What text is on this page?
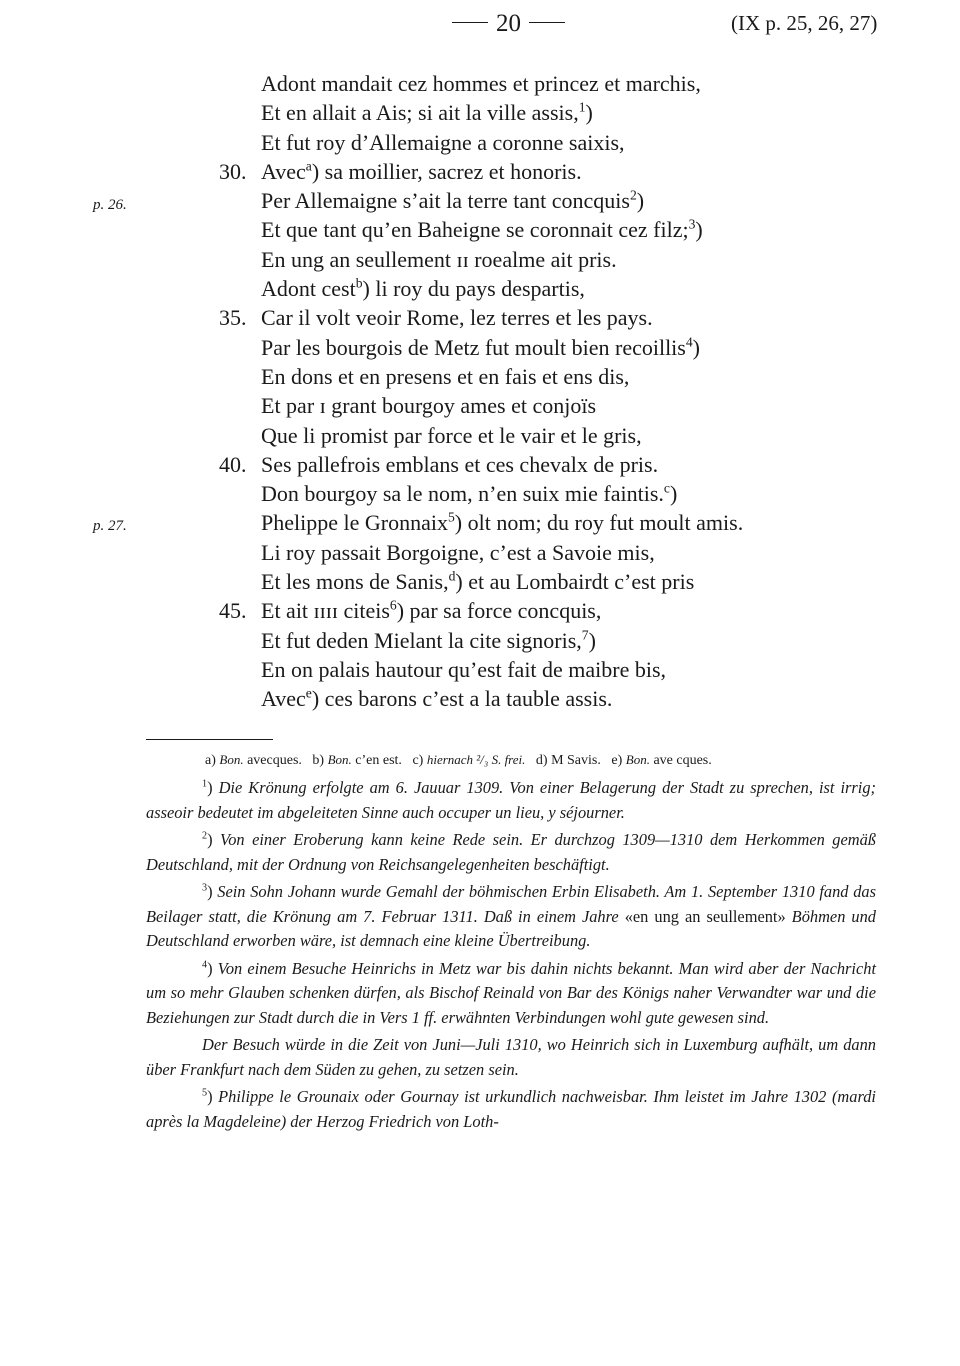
20	(IX p. 25, 26, 27)
p. 26.
p. 27.
Adont mandait cez hommes et princez et marchis,
Et en allait a Ais; si ait la ville assis,$^1$)
Et fut roy d’Allemaigne a coronne saixis,
30. Avec$^a$) sa moillier, sacrez et honoris.
Per Allemaigne s’ait la terre tant concquis$^2$)
Et que tant qu’en Baheigne se coronnait cez filz;$^3$)
En ung an seullement ɪɪ roealme ait pris.
Adont cest$^b$) li roy du pays despartis,
35. Car il volt veoir Rome, lez terres et les pays.
Par les bourgois de Metz fut moult bien recoillis$^4$)
En dons et en presens et en fais et ens dis,
Et par ɪ grant bourgoy ames et conjoïs
Que li promist par force et le vair et le gris,
40. Ses pallefrois emblans et ces chevalx de pris.
Don bourgoy sa le nom, n’en suix mie faintis.$^c$)
Phelippe le Gronnaix$^5$) olt nom; du roy fut moult amis.
Li roy passait Borgoigne, c’est a Savoie mis,
Et les mons de Sanis,$^d$) et au Lombairdt c’est pris
45. Et ait ɪɪɪɪ citeis$^6$) par sa force concquis,
Et fut deden Mielant la cite signoris,$^7$)
En on palais hautour qu’est fait de maibre bis,
Avec$^e$) ces barons c’est a la tauble assis.
a) Bon. avecques. b) Bon. c’en est. c) hiernach ²/₃ S. frei. d) M Savis. e) Bon. ave cques.

$^1$) Die Krönung erfolgte am 6. Jauuar 1309. Von einer Belagerung der Stadt zu sprechen, ist irrig; asseoir bedeutet im abgeleiteten Sinne auch occuper un lieu, y séjourner.

$^2$) Von einer Eroberung kann keine Rede sein. Er durchzog 1309—1310 dem Herkommen gemäß Deutschland, mit der Ordnung von Reichsangelegenheiten beschäftigt.

$^3$) Sein Sohn Johann wurde Gemahl der böhmischen Erbin Elisabeth. Am 1. September 1310 fand das Beilager statt, die Krönung am 7. Februar 1311. Daß in einem Jahre «en ung an seullement» Böhmen und Deutschland erworben wäre, ist demnach eine kleine Übertreibung.

$^4$) Von einem Besuche Heinrichs in Metz war bis dahin nichts bekannt. Man wird aber der Nachricht um so mehr Glauben schenken dürfen, als Bischof Reinald von Bar des Königs naher Verwandter war und die Beziehungen zur Stadt durch die in Vers 1 ff. erwähnten Verbindungen wohl gute gewesen sind.

Der Besuch würde in die Zeit von Juni—Juli 1310, wo Heinrich sich in Luxemburg aufhält, um dann über Frankfurt nach dem Süden zu gehen, zu setzen sein.

$^5$) Philippe le Grounaix oder Gournay ist urkundlich nachweisbar. Ihm leistet im Jahre 1302 (mardi après la Magdeleine) der Herzog Friedrich von Loth-
